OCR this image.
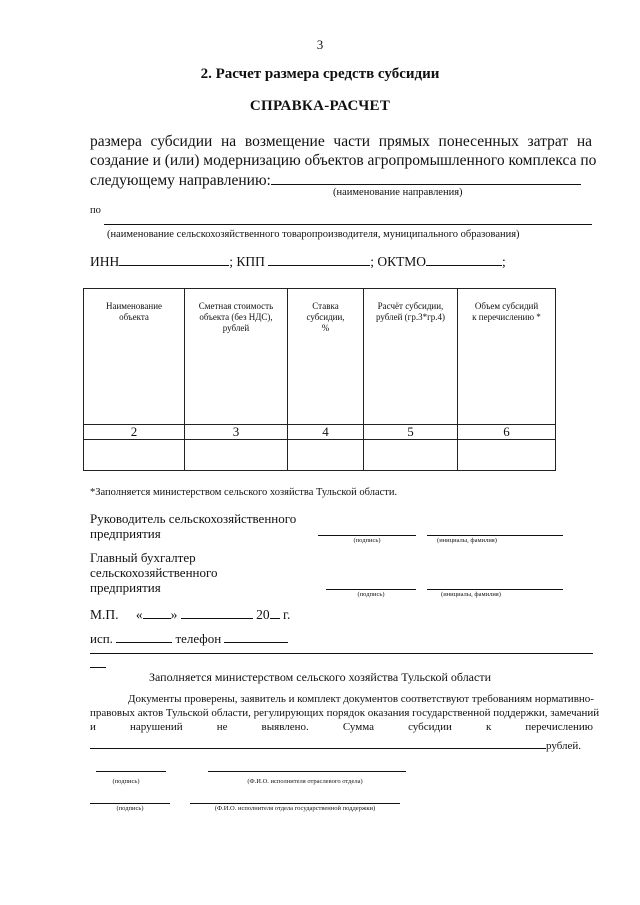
3
2. Расчет размера средств субсидии
СПРАВКА-РАСЧЕТ
размера субсидии на возмещение части прямых понесенных затрат на
создание и (или) модернизацию объектов агропромышленного комплекса по
следующему направлению:
(наименование направления)
по
(наименование сельскохозяйственного товаропроизводителя, муниципального образования)
ИНН	; КПП	; ОКТМО	;
Наименование объекта	Сметная стоимость объекта (без НДС), рублей	Ставка субсидии, %	Расчёт субсидии, рублей (гр.3*гр.4)	Объем субсидий к перечислению *

2	3	4	5	6

*Заполняется министерством сельского хозяйства Тульской области.
Руководитель сельскохозяйственного
предприятия	(подпись)	(инициалы, фамилия)
Главный бухгалтер
сельскохозяйственного
предприятия	(подпись)	(инициалы, фамилия)
М.П. « »	20 г.
исп.	телефон
Заполняется министерством сельского хозяйства Тульской области
Документы проверены, заявитель и комплект документов соответствуют требованиям нормативно-
правовых актов Тульской области, регулирующих порядок оказания государственной поддержки, замечаний
и	нарушений	не	выявлено.	Сумма	субсидии	к	перечислению
рублей.
(подпись)	(Ф.И.О. исполнителя отраслевого отдела)
(подпись)	(Ф.И.О. исполнителя отдела государственной поддержки)
